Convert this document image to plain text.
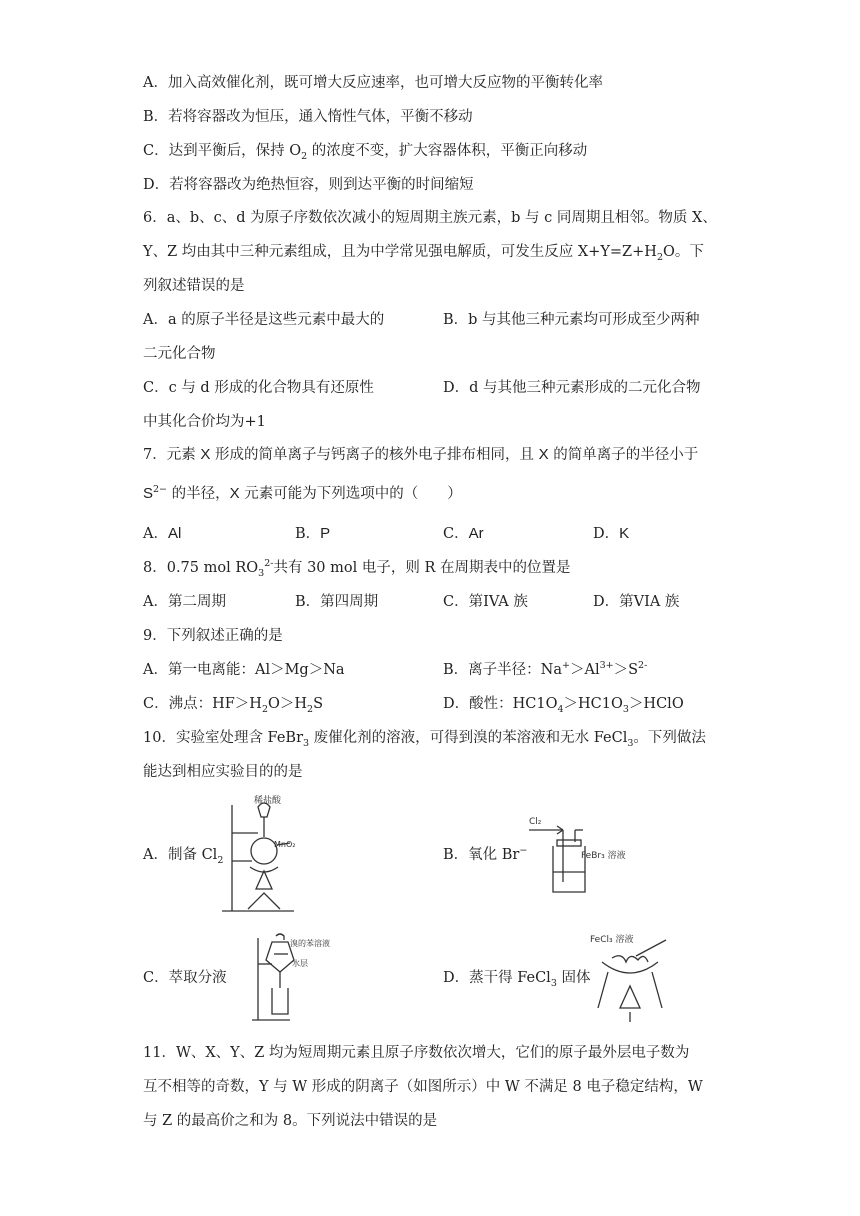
A．加入高效催化剂，既可增大反应速率，也可增大反应物的平衡转化率
B．若将容器改为恒压，通入惰性气体，平衡不移动
C．达到平衡后，保持 $O_2$ 的浓度不变，扩大容器体积，平衡正向移动
D．若将容器改为绝热恒容，则到达平衡的时间缩短
6．a、b、c、d 为原子序数依次减小的短周期主族元素，b 与 c 同周期且相邻。物质 X、
Y、Z 均由其中三种元素组成，且为中学常见强电解质，可发生反应 $X+Y=Z+H_2O$。下
列叙述错误的是
A．a 的原子半径是这些元素中最大的	B．b 与其他三种元素均可形成至少两种
二元化合物
C．c 与 d 形成的化合物具有还原性	D．d 与其他三种元素形成的二元化合物
中其化合价均为+1
7．元素 X 形成的简单离子与钙离子的核外电子排布相同，且 X 的简单离子的半径小于
$S^{2-}$ 的半径，X 元素可能为下列选项中的（　　）
A．Al	B．P	C．Ar	D．K
8．0.75 mol $RO_3^{2-}$共有 30 mol 电子，则 R 在周期表中的位置是
A．第二周期	B．第四周期	C．第IVA 族	D．第VIA 族
9．下列叙述正确的是
A．第一电离能：Al＞Mg＞Na	B．离子半径：$Na^+>Al^{3+}>S^{2-}$
C．沸点：$HF>H_2O>H_2S$	D．酸性：$HC1O_4>HC1O_3>HClO$
10．实验室处理含 FeBr$_3$ 废催化剂的溶液，可得到溴的苯溶液和无水 FeCl$_3$。下列做法
能达到相应实验目的的是
A．制备 $Cl_2$	B．氧化 Br−
C．萃取分液	D．蒸干得 FeCl$_3$ 固体
稀盐酸
MnO₂
Cl₂
FeBr₃ 溶液
溴的苯溶液
水层
FeCl₃ 溶液
11．W、X、Y、Z 均为短周期元素且原子序数依次增大，它们的原子最外层电子数为
互不相等的奇数，Y 与 W 形成的阴离子（如图所示）中 W 不满足 8 电子稳定结构，W
与 Z 的最高价之和为 8。下列说法中错误的是
